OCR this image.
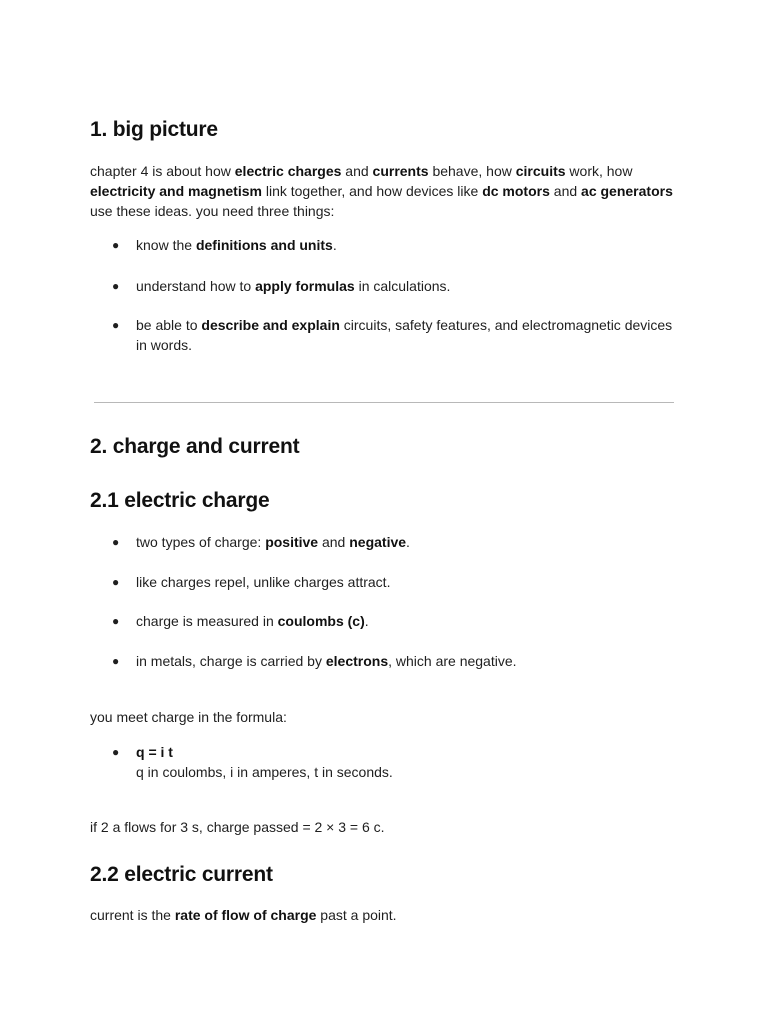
1. big picture

chapter 4 is about how electric charges and currents behave, how circuits work, how electricity and magnetism link together, and how devices like dc motors and ac generators use these ideas. you need three things:

● know the definitions and units.
● understand how to apply formulas in calculations.
● be able to describe and explain circuits, safety features, and electromagnetic devices in words.
2. charge and current
2.1 electric charge
● two types of charge: positive and negative.
● like charges repel, unlike charges attract.
● charge is measured in coulombs (c).
● in metals, charge is carried by electrons, which are negative.

you meet charge in the formula:

● q = i t
q in coulombs, i in amperes, t in seconds.

if 2 a flows for 3 s, charge passed = 2 × 3 = 6 c.

2.2 electric current

current is the rate of flow of charge past a point.
